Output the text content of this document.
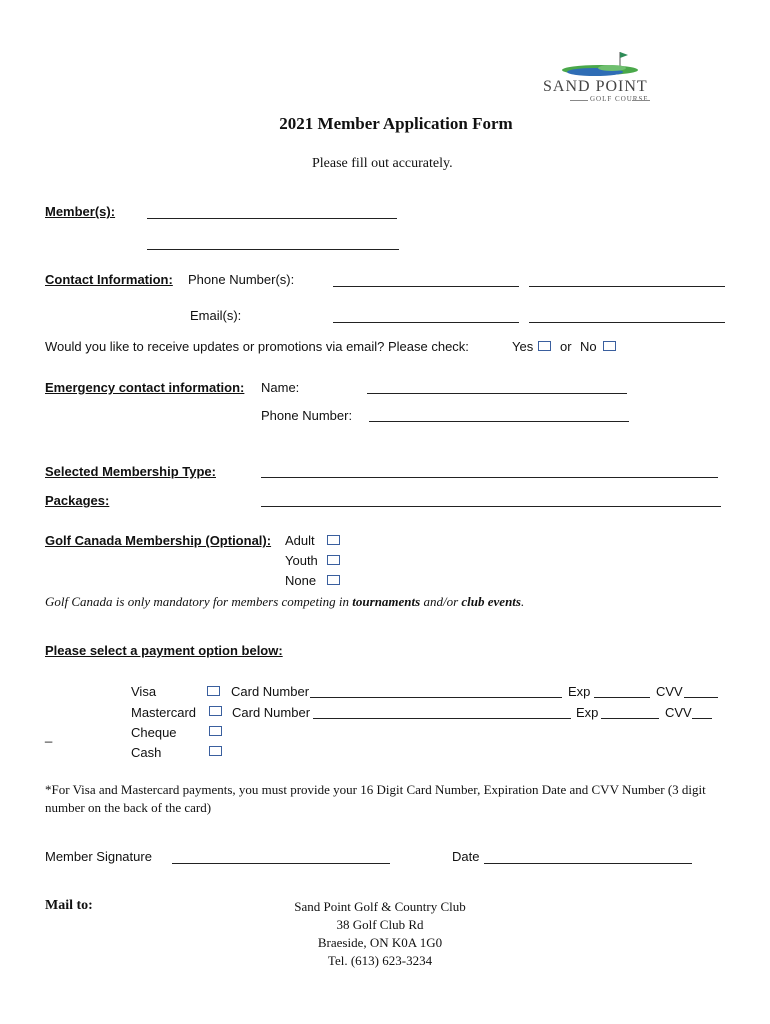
SAND POINT
GOLF COURSE
2021 Member Application Form
Please fill out accurately.
Member(s):
Contact Information: Phone Number(s):
Email(s):
Would you like to receive updates or promotions via email? Please check:	Yes or No
Emergency contact information: Name:
Phone Number:
Selected Membership Type:
Packages:
Golf Canada Membership (Optional): Adult
Youth
None
Golf Canada is only mandatory for members competing in tournaments and/or club events.
Please select a payment option below:
Visa	Card Number	Exp	CVV
Mastercard	Card Number	Exp	CVV
_	Cheque
Cash
*For Visa and Mastercard payments, you must provide your 16 Digit Card Number, Expiration Date and CVV Number (3 digit number on the back of the card)
Member Signature	Date
Mail to:	Sand Point Golf & Country Club
38 Golf Club Rd
Braeside, ON K0A 1G0
Tel. (613) 623-3234
